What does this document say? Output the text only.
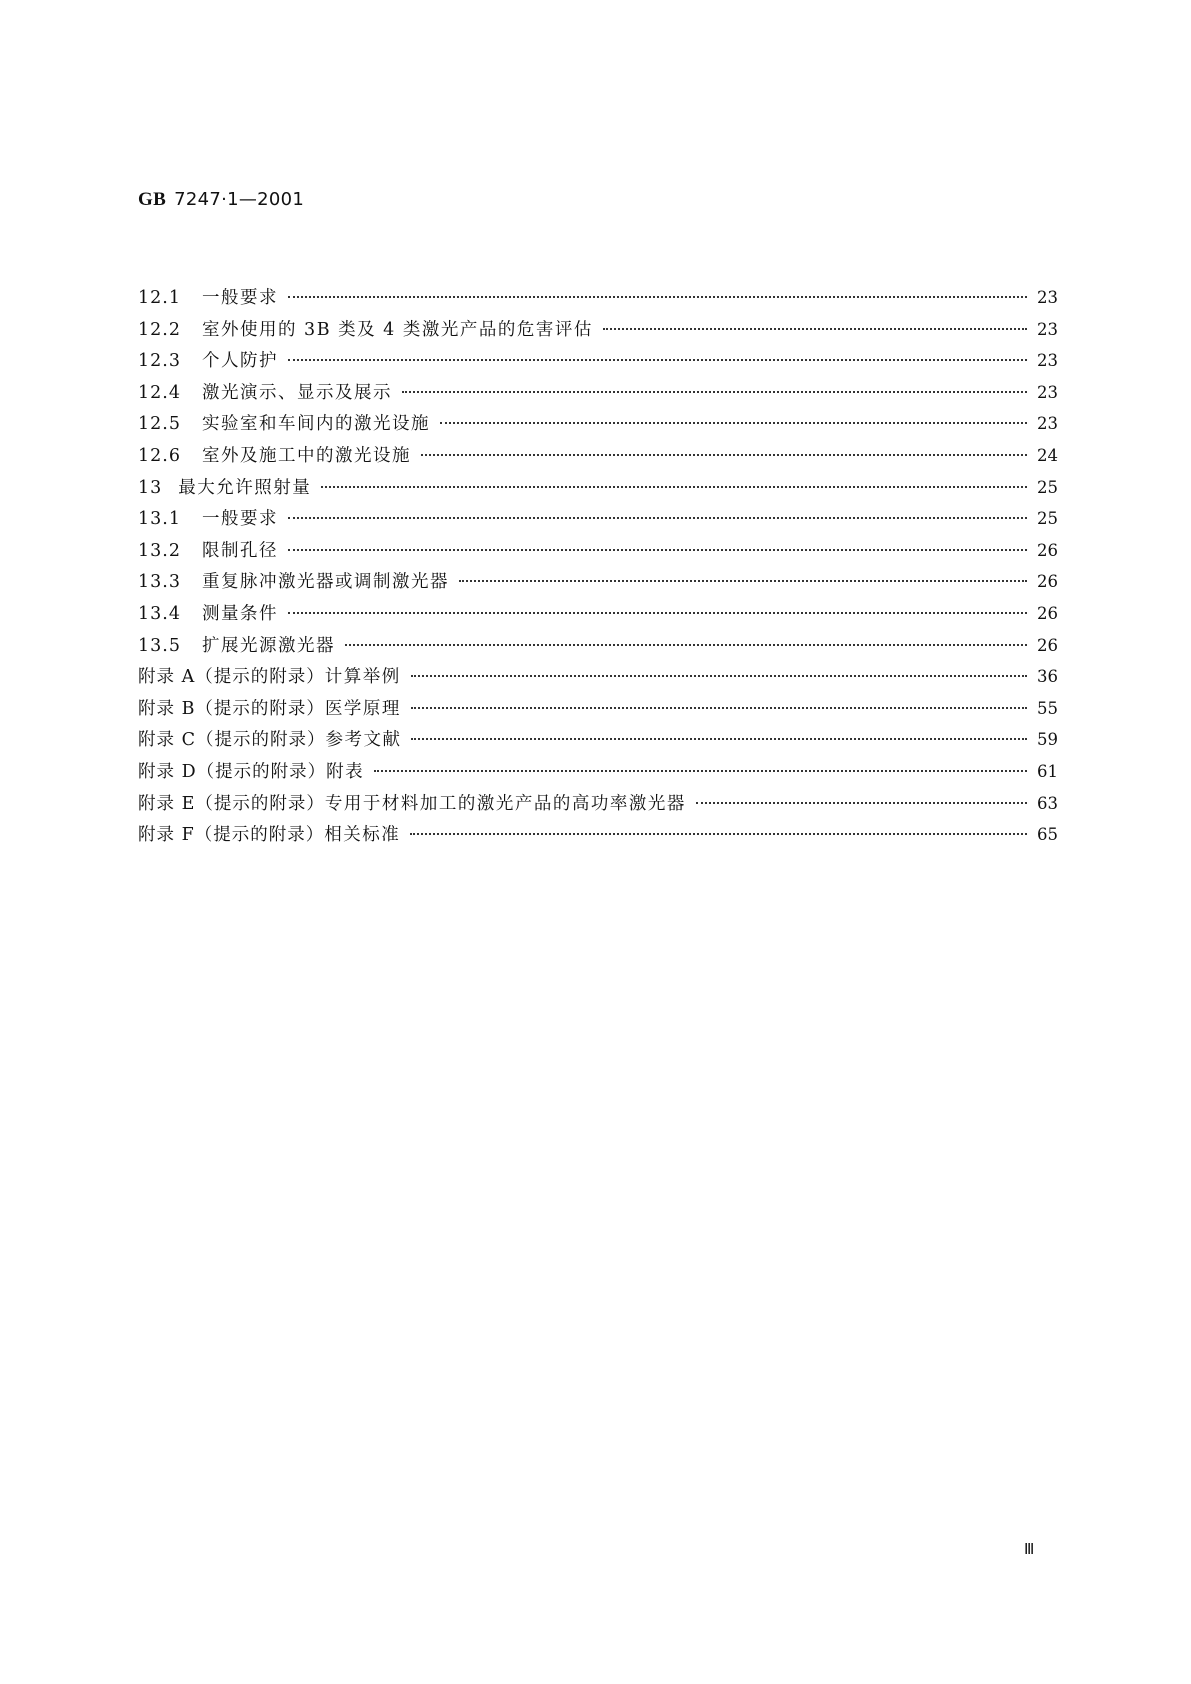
GB 7247·1—2001
12.1 一般要求	23
12.2 室外使用的 3B 类及 4 类激光产品的危害评估	23
12.3 个人防护	23
12.4 激光演示、显示及展示	23
12.5 实验室和车间内的激光设施	23
12.6 室外及施工中的激光设施	24
13 最大允许照射量	25
13.1 一般要求	25
13.2 限制孔径	26
13.3 重复脉冲激光器或调制激光器	26
13.4 测量条件	26
13.5 扩展光源激光器	26
附录 A（提示的附录） 计算举例	36
附录 B（提示的附录） 医学原理	55
附录 C（提示的附录） 参考文献	59
附录 D（提示的附录） 附表	61
附录 E（提示的附录） 专用于材料加工的激光产品的高功率激光器	63
附录 F（提示的附录） 相关标准	65
Ⅲ
